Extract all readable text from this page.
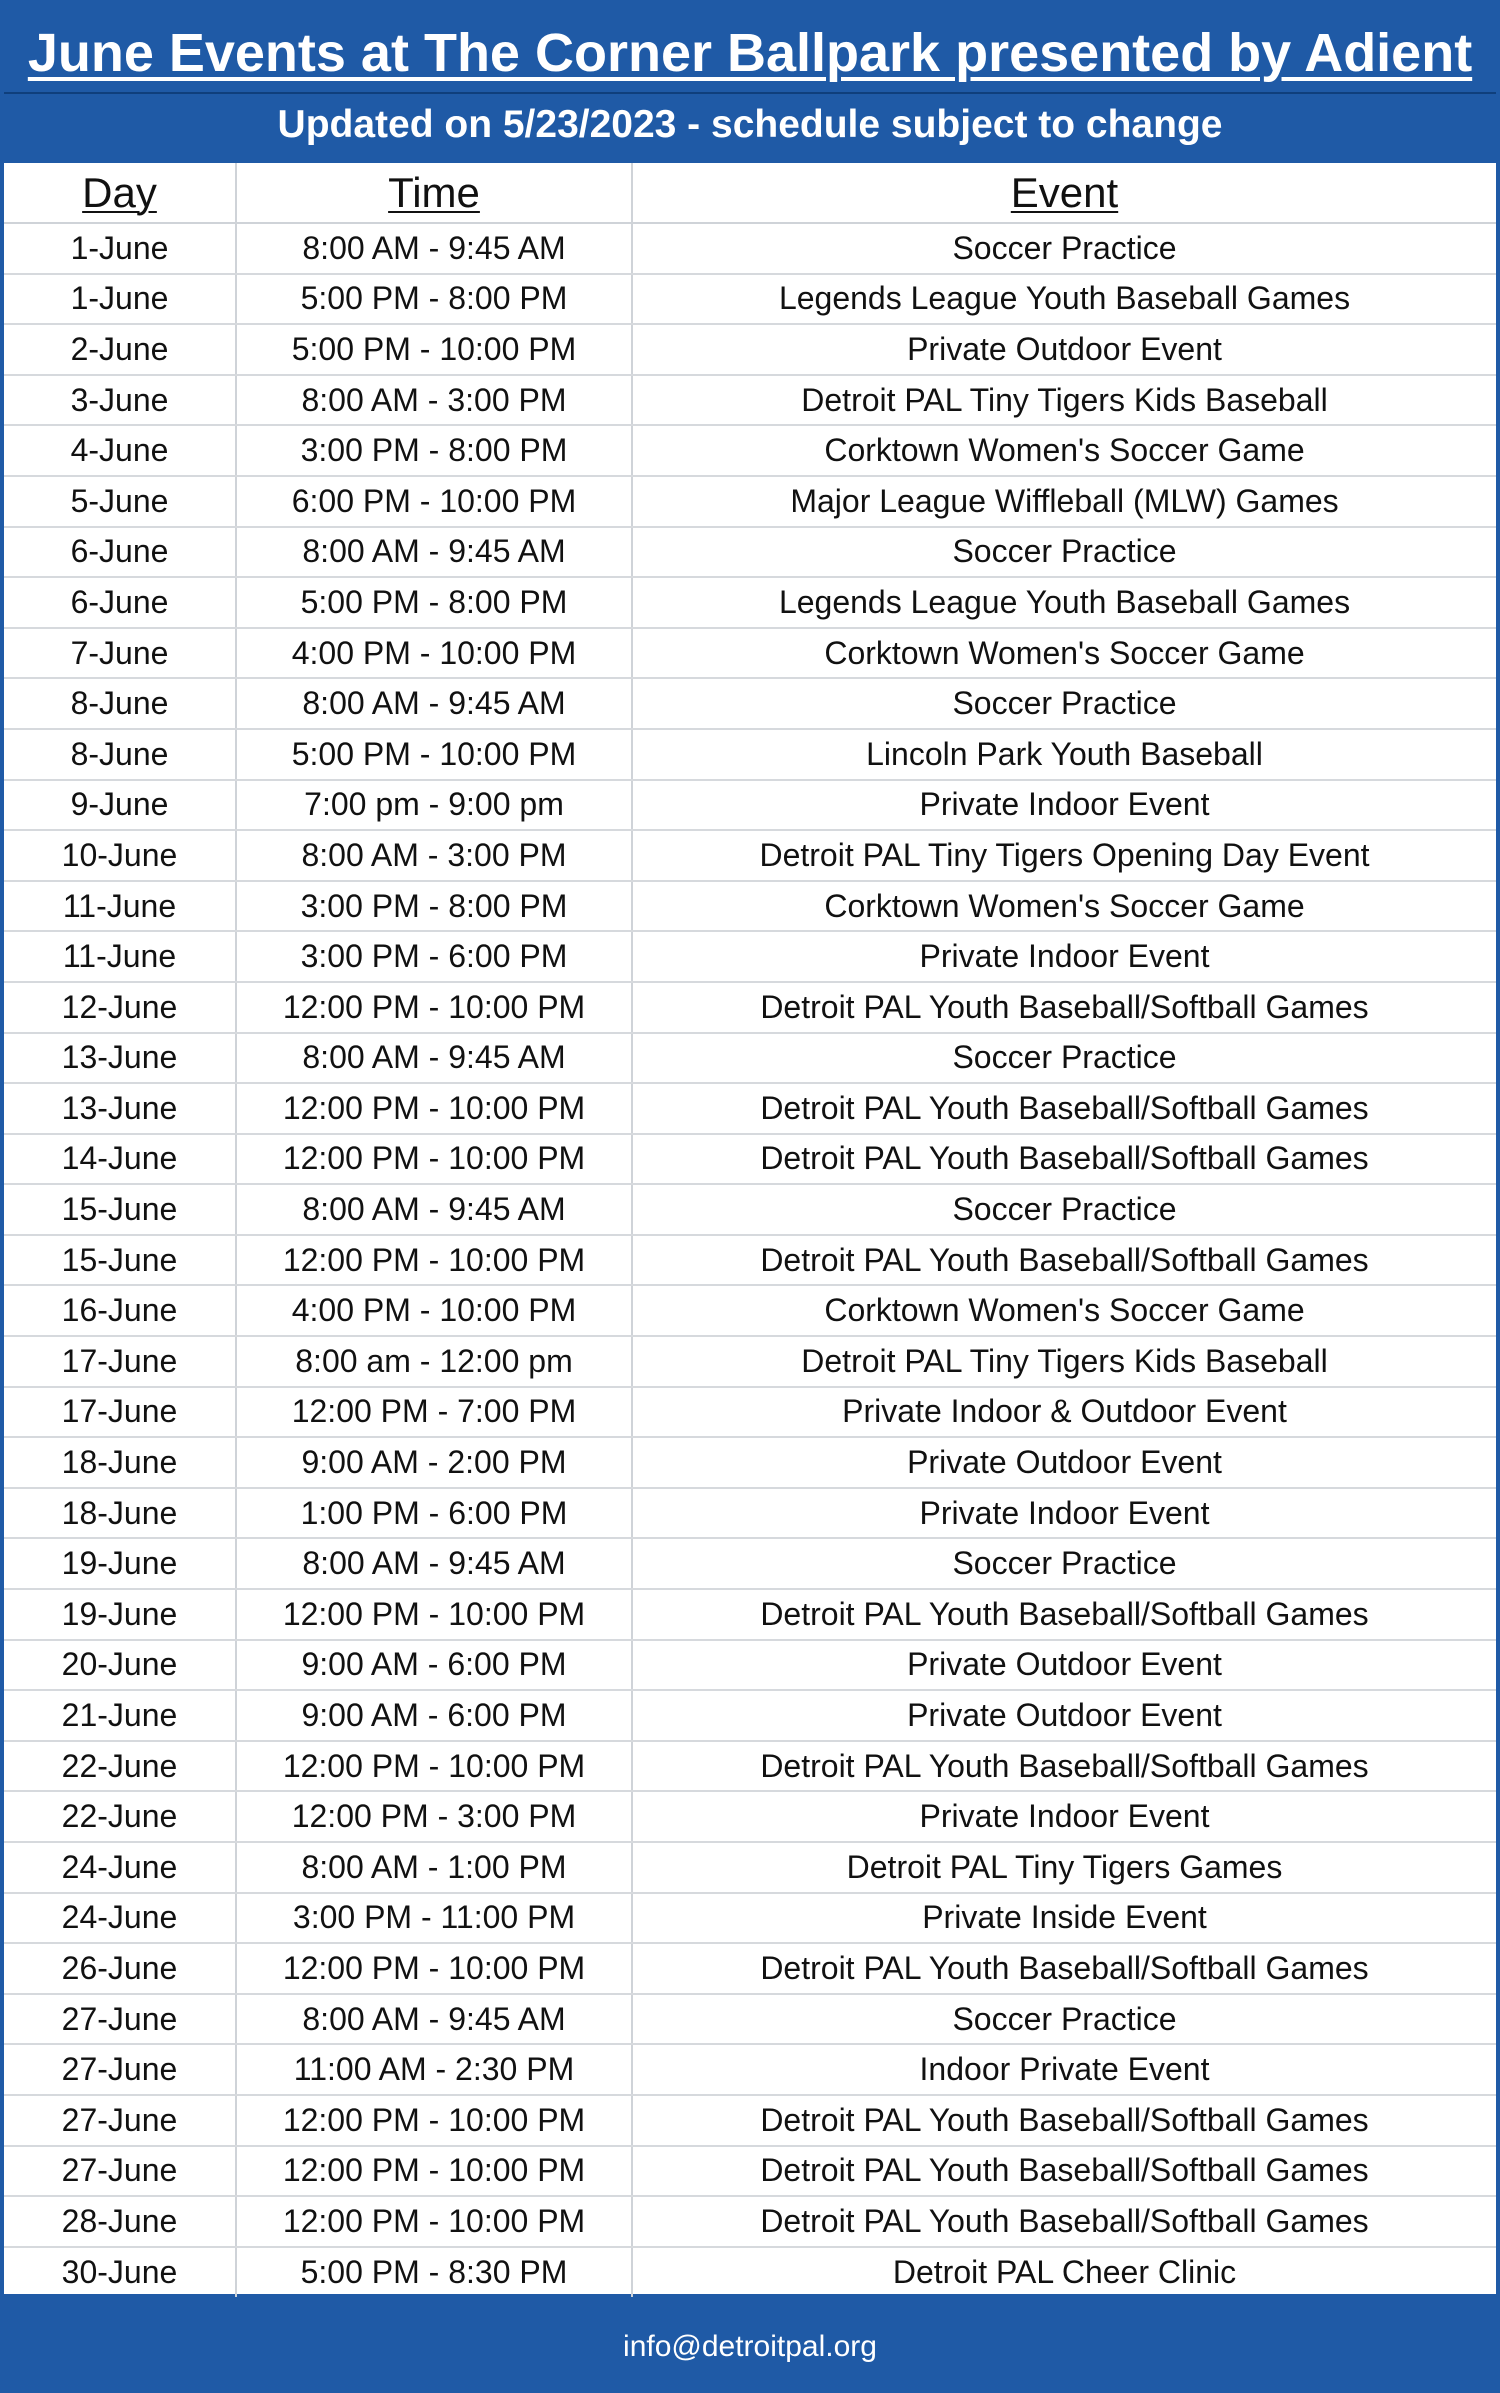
June Events at The Corner Ballpark presented by Adient
Updated on 5/23/2023 - schedule subject to change
Day	Time	Event
1-June	8:00 AM - 9:45 AM	Soccer Practice
1-June	5:00 PM - 8:00 PM	Legends League Youth Baseball Games
2-June	5:00 PM - 10:00 PM	Private Outdoor Event
3-June	8:00 AM - 3:00 PM	Detroit PAL Tiny Tigers Kids Baseball
4-June	3:00 PM - 8:00 PM	Corktown Women's Soccer Game
5-June	6:00 PM - 10:00 PM	Major League Wiffleball (MLW) Games
6-June	8:00 AM - 9:45 AM	Soccer Practice
6-June	5:00 PM - 8:00 PM	Legends League Youth Baseball Games
7-June	4:00 PM - 10:00 PM	Corktown Women's Soccer Game
8-June	8:00 AM - 9:45 AM	Soccer Practice
8-June	5:00 PM - 10:00 PM	Lincoln Park Youth Baseball
9-June	7:00 pm - 9:00 pm	Private Indoor Event
10-June	8:00 AM - 3:00 PM	Detroit PAL Tiny Tigers Opening Day Event
11-June	3:00 PM - 8:00 PM	Corktown Women's Soccer Game
11-June	3:00 PM - 6:00 PM	Private Indoor Event
12-June	12:00 PM - 10:00 PM	Detroit PAL Youth Baseball/Softball Games
13-June	8:00 AM - 9:45 AM	Soccer Practice
13-June	12:00 PM - 10:00 PM	Detroit PAL Youth Baseball/Softball Games
14-June	12:00 PM - 10:00 PM	Detroit PAL Youth Baseball/Softball Games
15-June	8:00 AM - 9:45 AM	Soccer Practice
15-June	12:00 PM - 10:00 PM	Detroit PAL Youth Baseball/Softball Games
16-June	4:00 PM - 10:00 PM	Corktown Women's Soccer Game
17-June	8:00 am - 12:00 pm	Detroit PAL Tiny Tigers Kids Baseball
17-June	12:00 PM - 7:00 PM	Private Indoor & Outdoor Event
18-June	9:00 AM - 2:00 PM	Private Outdoor Event
18-June	1:00 PM - 6:00 PM	Private Indoor Event
19-June	8:00 AM - 9:45 AM	Soccer Practice
19-June	12:00 PM - 10:00 PM	Detroit PAL Youth Baseball/Softball Games
20-June	9:00 AM - 6:00 PM	Private Outdoor Event
21-June	9:00 AM - 6:00 PM	Private Outdoor Event
22-June	12:00 PM - 10:00 PM	Detroit PAL Youth Baseball/Softball Games
22-June	12:00 PM - 3:00 PM	Private Indoor Event
24-June	8:00 AM - 1:00 PM	Detroit PAL Tiny Tigers Games
24-June	3:00 PM - 11:00 PM	Private Inside Event
26-June	12:00 PM - 10:00 PM	Detroit PAL Youth Baseball/Softball Games
27-June	8:00 AM - 9:45 AM	Soccer Practice
27-June	11:00 AM - 2:30 PM	Indoor Private Event
27-June	12:00 PM - 10:00 PM	Detroit PAL Youth Baseball/Softball Games
27-June	12:00 PM - 10:00 PM	Detroit PAL Youth Baseball/Softball Games
28-June	12:00 PM - 10:00 PM	Detroit PAL Youth Baseball/Softball Games
30-June	5:00 PM - 8:30 PM	Detroit PAL Cheer Clinic
info@detroitpal.org
